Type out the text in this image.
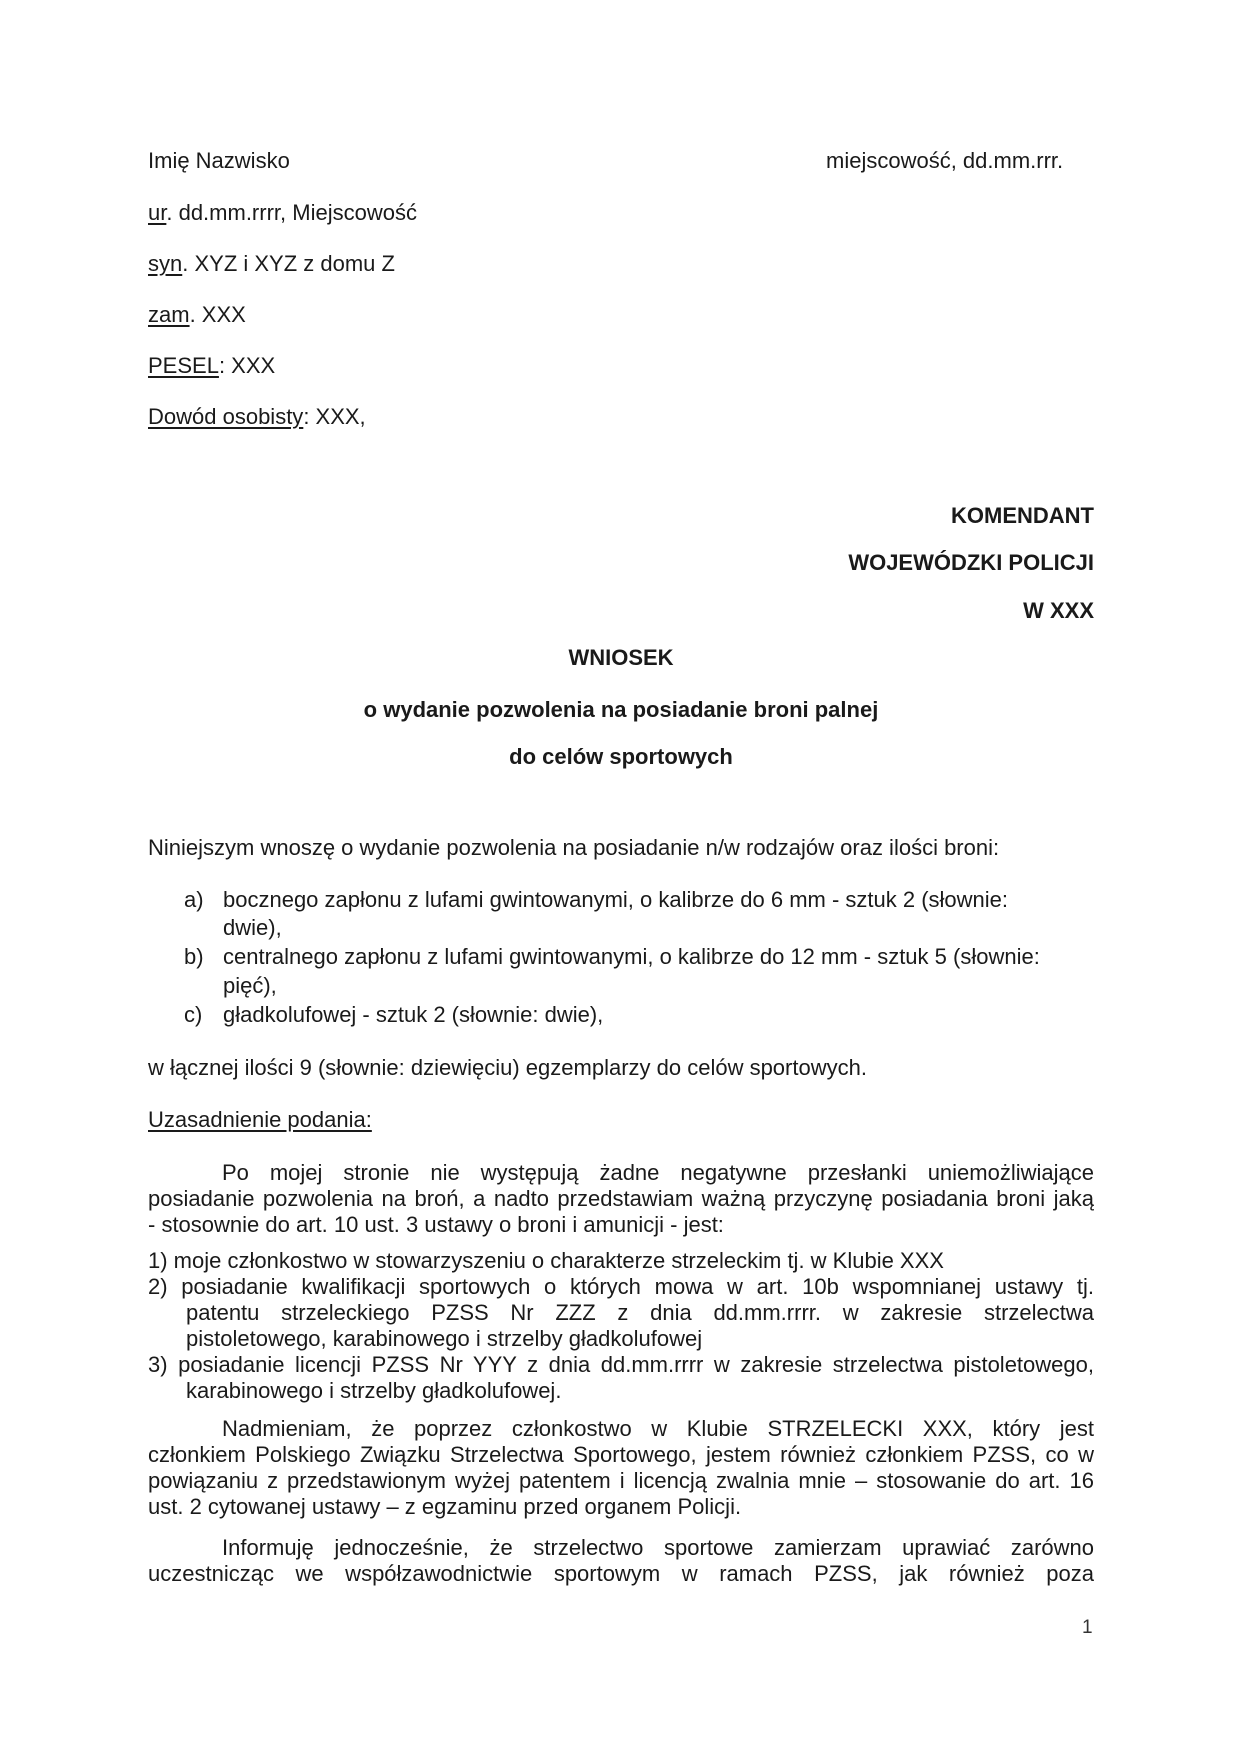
Imię Nazwisko	miejscowość, dd.mm.rrr.
ur. dd.mm.rrrr, Miejscowość
syn. XYZ i XYZ z domu Z
zam. XXX
PESEL: XXX
Dowód osobisty: XXX,
KOMENDANT
WOJEWÓDZKI POLICJI
W XXX
WNIOSEK
o wydanie pozwolenia na posiadanie broni palnej
do celów sportowych
Niniejszym wnoszę o wydanie pozwolenia na posiadanie n/w rodzajów oraz ilości broni:
a) bocznego zapłonu z lufami gwintowanymi, o kalibrze do 6 mm - sztuk 2 (słownie:
dwie),
b) centralnego zapłonu z lufami gwintowanymi, o kalibrze do 12 mm - sztuk 5 (słownie:
pięć),
c) gładkolufowej - sztuk 2 (słownie: dwie),
w łącznej ilości 9 (słownie: dziewięciu) egzemplarzy do celów sportowych.
Uzasadnienie podania:
Po mojej stronie nie występują żadne negatywne przesłanki uniemożliwiające
posiadanie pozwolenia na broń, a nadto przedstawiam ważną przyczynę posiadania broni jaką
- stosownie do art. 10 ust. 3 ustawy o broni i amunicji - jest:
1) moje członkostwo w stowarzyszeniu o charakterze strzeleckim tj. w Klubie XXX
2) posiadanie kwalifikacji sportowych o których mowa w art. 10b wspomnianej ustawy tj.
patentu strzeleckiego PZSS Nr ZZZ z dnia dd.mm.rrrr. w zakresie strzelectwa
pistoletowego, karabinowego i strzelby gładkolufowej
3) posiadanie licencji PZSS Nr YYY z dnia dd.mm.rrrr w zakresie strzelectwa pistoletowego,
karabinowego i strzelby gładkolufowej.
Nadmieniam, że poprzez członkostwo w Klubie STRZELECKI XXX, który jest
członkiem Polskiego Związku Strzelectwa Sportowego, jestem również członkiem PZSS, co w
powiązaniu z przedstawionym wyżej patentem i licencją zwalnia mnie – stosowanie do art. 16
ust. 2 cytowanej ustawy – z egzaminu przed organem Policji.
Informuję jednocześnie, że strzelectwo sportowe zamierzam uprawiać zarówno
uczestnicząc we współzawodnictwie sportowym w ramach PZSS, jak również poza
1
